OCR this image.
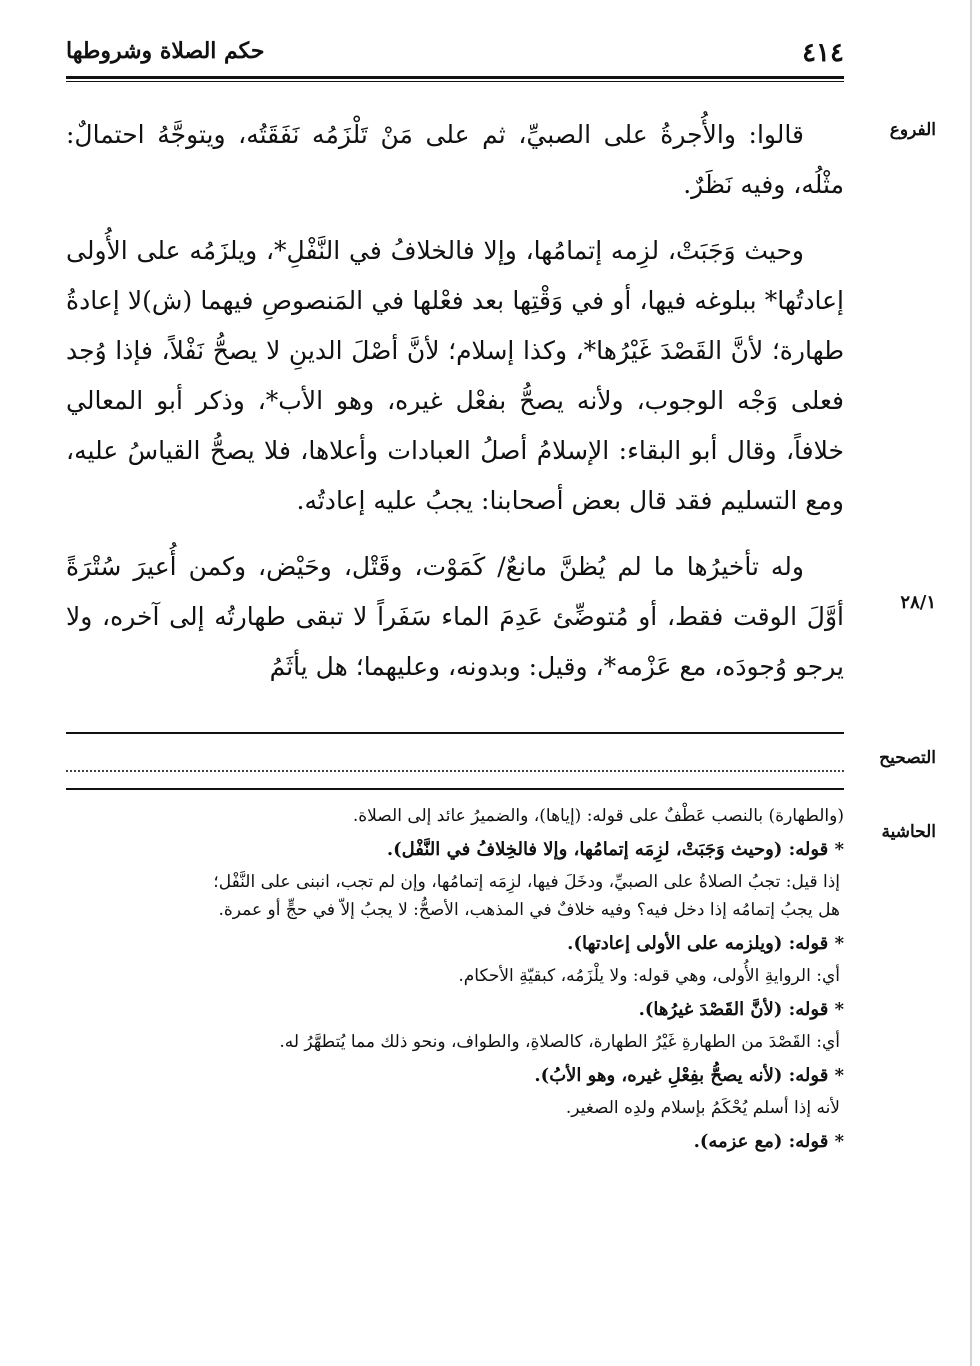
٤١٤
حكم الصلاة وشروطها
الفروع
٢٨/١
التصحيح
الحاشية

قالوا: والأُجرةُ على الصبيِّ، ثم على مَنْ تَلْزَمُه نَفَقَتُه، ويتوجَّهُ احتمالٌ: مثْلُه، وفيه نَظَرٌ.

وحيث وَجَبَتْ، لزِمه إتمامُها، وإلا فالخلافُ في النَّفْلِ*، ويلزَمُه على الأُولى إعادتُها* ببلوغه فيها، أو في وَقْتِها بعد فعْلها في المَنصوصِ فيهما (ش)لا إعادةُ طهارة؛ لأنَّ القَصْدَ غَيْرُها*، وكذا إسلام؛ لأنَّ أصْلَ الدينِ لا يصحُّ نَفْلاً، فإذا وُجد فعلى وَجْه الوجوب، ولأنه يصحُّ بفعْل غيره، وهو الأب*، وذكر أبو المعالي خلافاً، وقال أبو البقاء: الإسلامُ أصلُ العبادات وأعلاها، فلا يصحُّ القياسُ عليه، ومع التسليم فقد قال بعض أصحابنا: يجبُ عليه إعادتُه.

وله تأخيرُها ما لم يُظنَّ مانعٌ/ كَمَوْت، وقَتْل، وحَيْض، وكمن أُعيرَ سُتْرَةً أوَّلَ الوقت فقط، أو مُتوضِّئ عَدِمَ الماء سَفَراً لا تبقى طهارتُه إلى آخره، ولا يرجو وُجودَه، مع عَزْمه*، وقيل: وبدونه، وعليهما؛ هل يأثَمُ

(والطهارة) بالنصب عَطْفٌ على قوله: (إياها)، والضميرُ عائد إلى الصلاة.
* قوله: (وحيث وَجَبَتْ، لزِمَه إتمامُها، وإلا فالخِلافُ في النَّفْل).
إذا قيل: تجبُ الصلاةُ على الصبيِّ، ودخَلَ فيها، لزِمَه إتمامُها، وإن لم تجب، انبنى على النَّفْل؛
هل يجبُ إتمامُه إذا دخل فيه؟ وفيه خلافٌ في المذهب، الأصحُّ: لا يجبُ إلاّ في حجٍّ أو عمرة.
* قوله: (ويلزمه على الأولى إعادتها).
أي: الروايةِ الأُولى، وهي قوله: ولا يلْزَمُه، كبقيّةِ الأحكام.
* قوله: (لأنَّ القَصْدَ غيرُها).
أي: القَصْدَ من الطهارةِ غَيْرُ الطهارة، كالصلاةِ، والطواف، ونحو ذلك مما يُتطهَّرُ له.
* قوله: (لأنه يصحُّ بفِعْلِ غيره، وهو الأبُ).
لأنه إذا أسلم يُحْكَمُ بإسلام ولدِه الصغير.
* قوله: (مع عزمه).
